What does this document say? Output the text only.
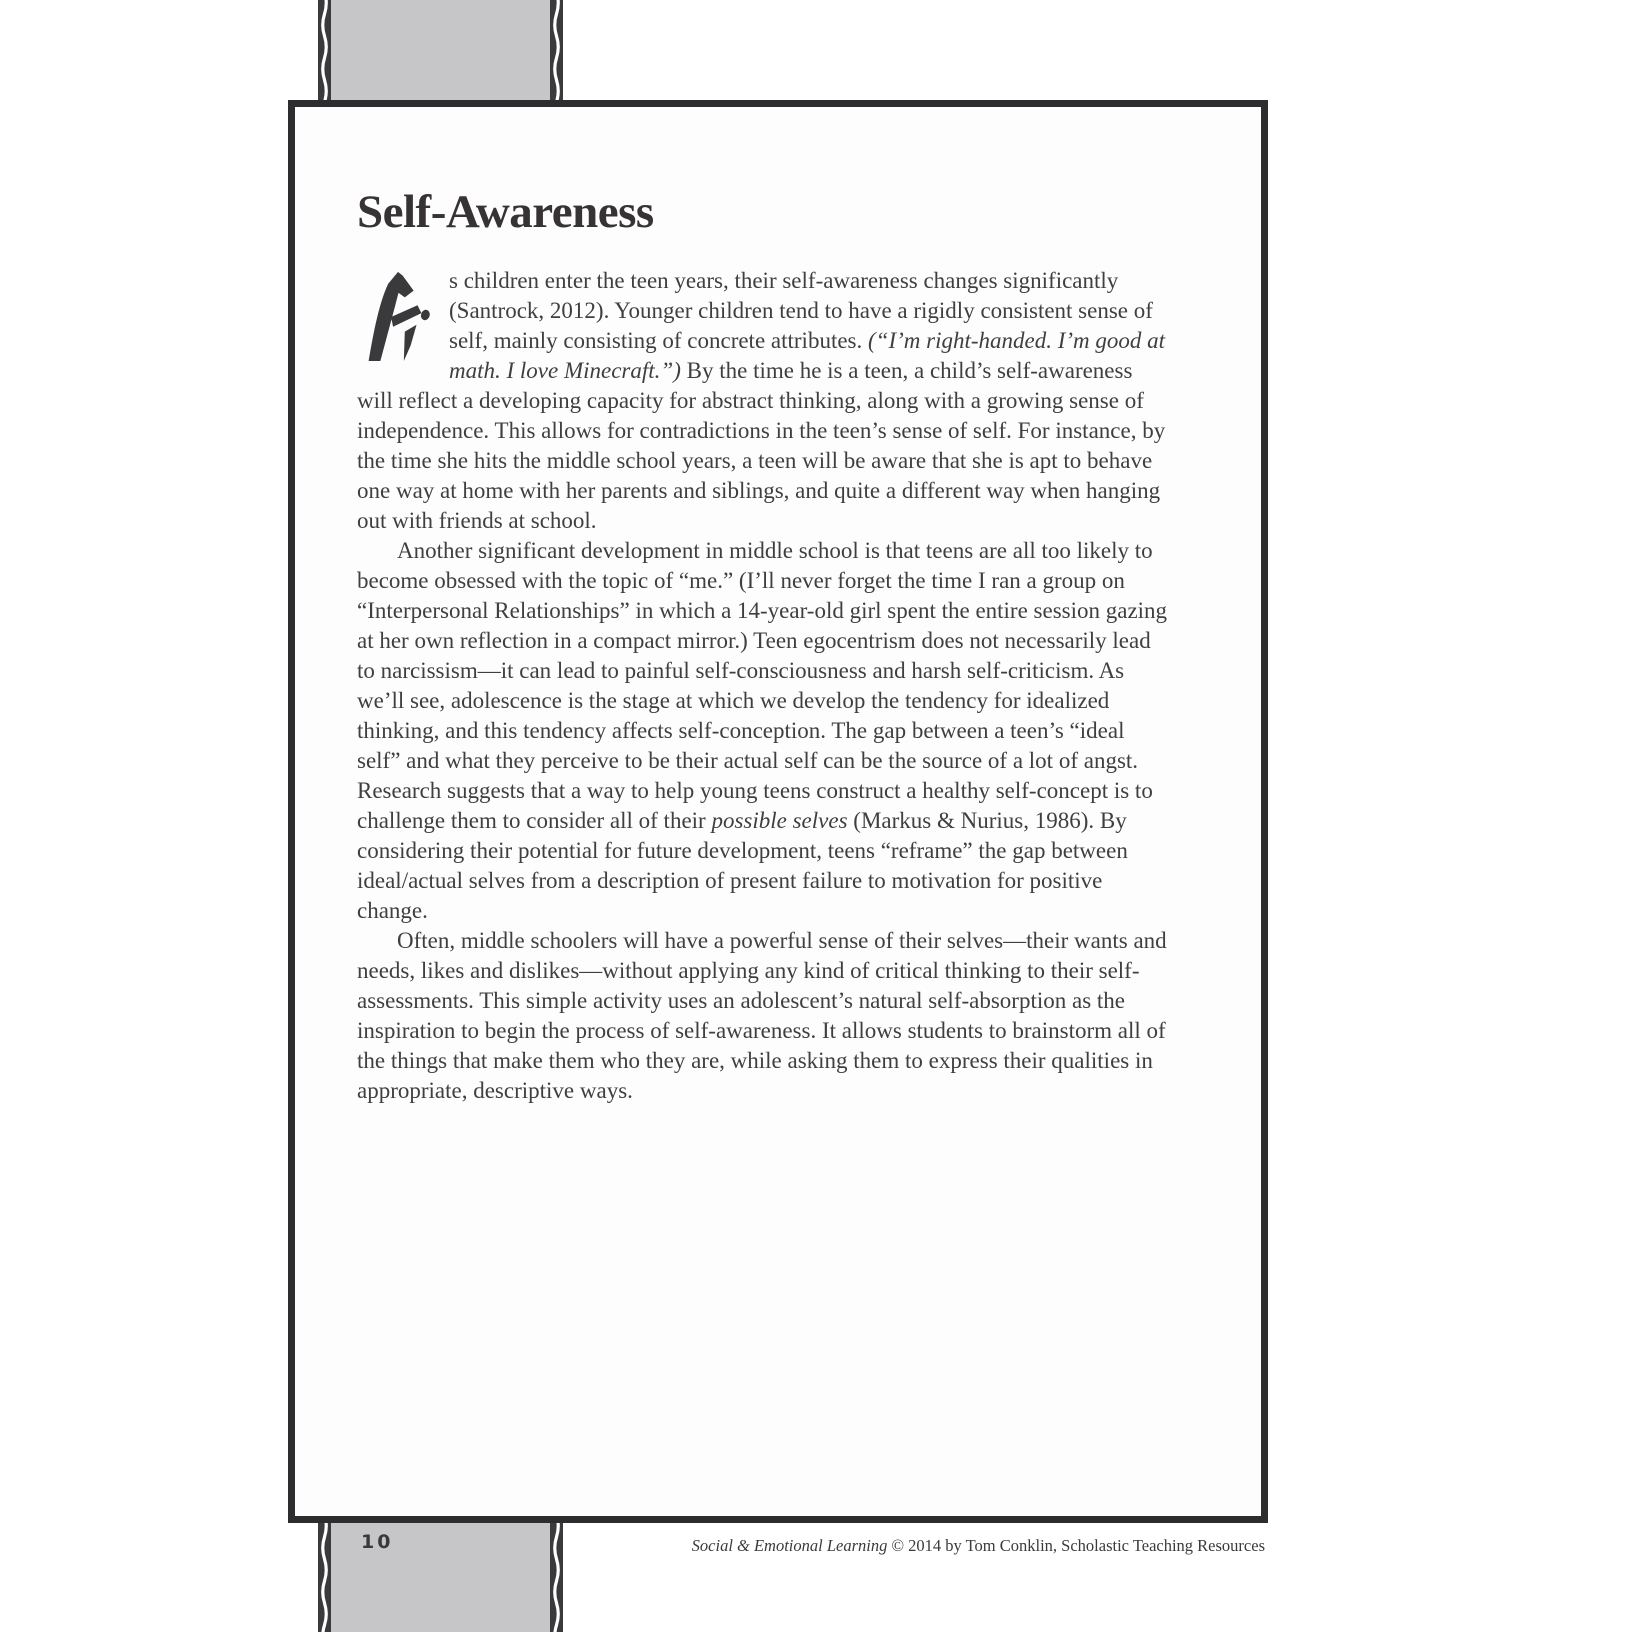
Self-Awareness

s children enter the teen years, their self-awareness changes significantly (Santrock, 2012). Younger children tend to have a rigidly consistent sense of self, mainly consisting of concrete attributes. (“I’m right-handed. I’m good at math. I love Minecraft.”) By the time he is a teen, a child’s self-awareness will reflect a developing capacity for abstract thinking, along with a growing sense of independence. This allows for contradictions in the teen’s sense of self. For instance, by the time she hits the middle school years, a teen will be aware that she is apt to behave one way at home with her parents and siblings, and quite a different way when hanging out with friends at school.

Another significant development in middle school is that teens are all too likely to become obsessed with the topic of “me.” (I’ll never forget the time I ran a group on “Interpersonal Relationships” in which a 14-year-old girl spent the entire session gazing at her own reflection in a compact mirror.) Teen egocentrism does not necessarily lead to narcissism—it can lead to painful self-consciousness and harsh self-criticism. As we’ll see, adolescence is the stage at which we develop the tendency for idealized thinking, and this tendency affects self-conception. The gap between a teen’s “ideal self” and what they perceive to be their actual self can be the source of a lot of angst. Research suggests that a way to help young teens construct a healthy self-concept is to challenge them to consider all of their possible selves (Markus & Nurius, 1986). By considering their potential for future development, teens “reframe” the gap between ideal/actual selves from a description of present failure to motivation for positive change.

Often, middle schoolers will have a powerful sense of their selves—their wants and needs, likes and dislikes—without applying any kind of critical thinking to their self-assessments. This simple activity uses an adolescent’s natural self-absorption as the inspiration to begin the process of self-awareness. It allows students to brainstorm all of the things that make them who they are, while asking them to express their qualities in appropriate, descriptive ways.

10	Social & Emotional Learning © 2014 by Tom Conklin, Scholastic Teaching Resources
